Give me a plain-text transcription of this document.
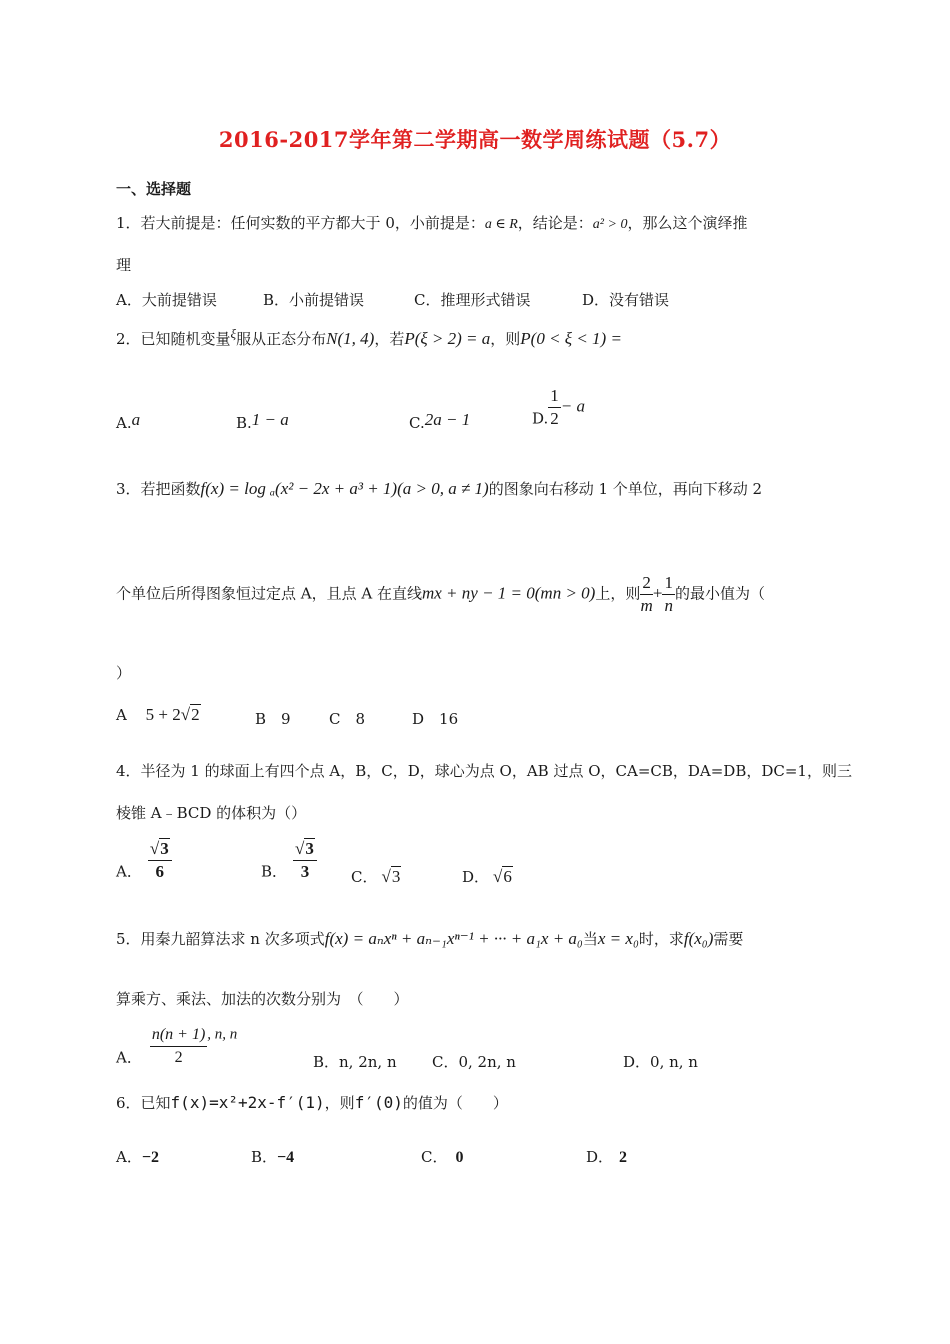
2016-2017学年第二学期高一数学周练试题（5.7）
一、选择题
1．若大前提是：任何实数的平方都大于 0，小前提是：a ∈ R，结论是：a² > 0，那么这个演绎推
理
A．大前提错误	B．小前提错误	C．推理形式错误	D．没有错误
2．已知随机变量ξ服从正态分布N(1, 4)，若P(ξ > 2) = a，则P(0 < ξ < 1) =
A.a	B.1 − a	C.2a − 1	D. $\frac{1}{2} - a$
3．若把函数f(x) = log ₐ(x² − 2x + a³ + 1)(a > 0, a ≠ 1)的图象向右移动 1 个单位，再向下移动 2
个单位后所得图象恒过定点 A，且点 A 在直线mx + ny − 1 = 0(mn > 0)上，则 $\frac{2}{m} + \frac{1}{n}$ 的最小值为（
）
A 5 + 2√2	B　9	C　8	D　16
4．半径为 1 的球面上有四个点 A，B，C，D，球心为点 O，AB 过点 O，CA=CB，DA=DB，DC=1，则三
棱锥 A﹣BCD 的体积为（）
A． $\frac{√3}{6}$	B． $\frac{√3}{3}$ C． √3	D． √6
5．用秦九韶算法求 n 次多项式f(x) = aₙxⁿ + aₙ₋₁xⁿ⁻¹ + ··· + a₁x + a₀当x = x₀时，求f(x₀)需要
算乘方、乘法、加法的次数分别为　（　　）
A． $\frac{n(n + 1)}{2}$ , n, n
B．n, 2n, n C．0, 2n, n	D．0, n, n
6．已知f(x)=x²+2x-f′(1)，则f′(0)的值为（　　）
A．−2	B．−4	C． 0	D． 2
